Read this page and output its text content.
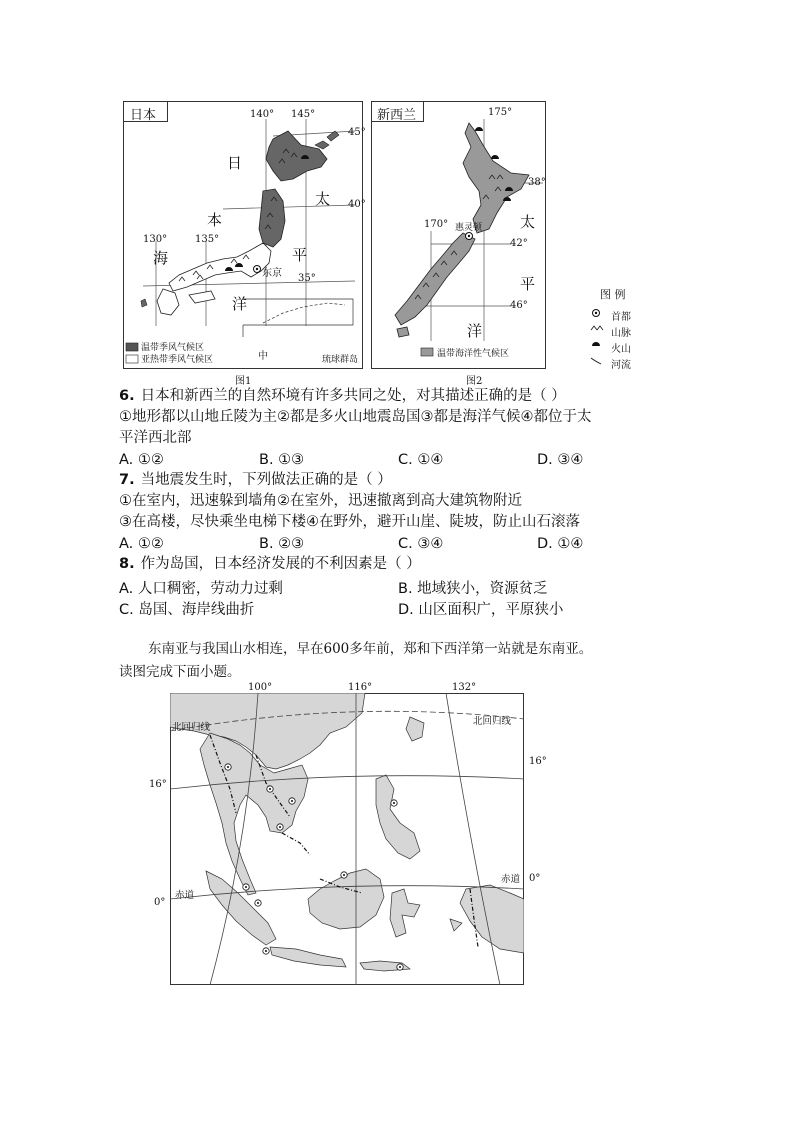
日本	140° 145°
45°
40°
35°
130°	135°
日
本
海
太
平
洋
东京
中	琉球群岛
温带季风气候区
亚热带季风气候区
图1
新西兰	175°
170°
38°
42°
46°
太
平
洋
惠灵顿
温带海洋性气候区
图2
图 例
首都
山脉
火山
河流
6. 日本和新西兰的自然环境有许多共同之处，对其描述正确的是（ ）
①地形都以山地丘陵为主②都是多火山地震岛国③都是海洋气候④都位于太
平洋西北部
A. ①②	B. ①③	C. ①④	D. ③④
7. 当地震发生时，下列做法正确的是（ ）
①在室内，迅速躲到墙角②在室外，迅速撤离到高大建筑物附近
③在高楼，尽快乘坐电梯下楼④在野外，避开山崖、陡坡，防止山石滚落
A. ①②	B. ②③	C. ③④	D. ①④
8. 作为岛国，日本经济发展的不利因素是（ ）
A. 人口稠密，劳动力过剩	B. 地域狭小，资源贫乏
C. 岛国、海岸线曲折	D. 山区面积广，平原狭小
东南亚与我国山水相连，早在600多年前，郑和下西洋第一站就是东南亚。
读图完成下面小题。
100°	116°	132°
16°
0°
16°
0°
北回归线
北回归线
赤道
赤道
